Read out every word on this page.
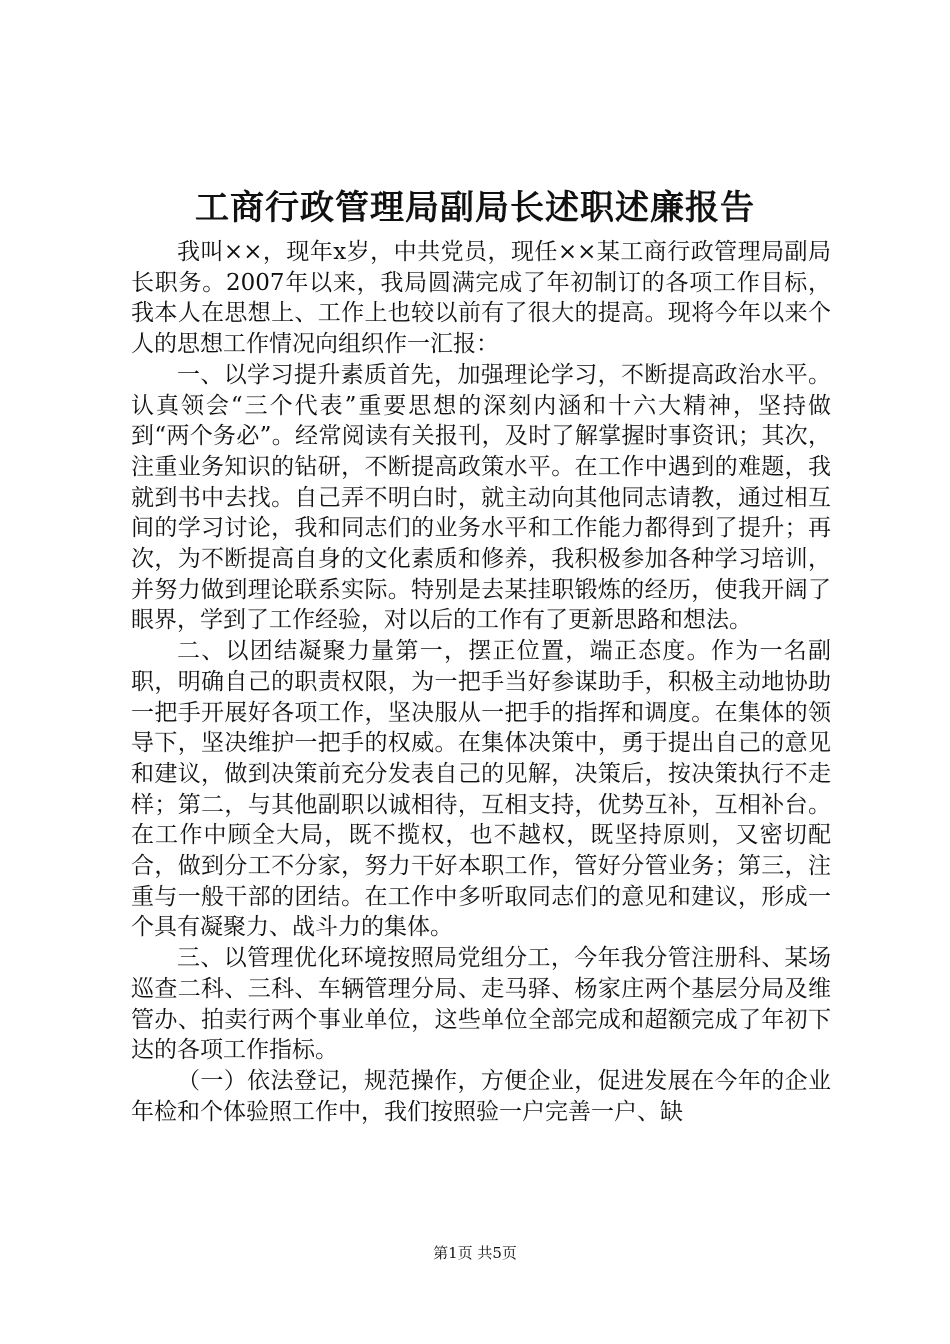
工商行政管理局副局长述职述廉报告

我叫××，现年x岁，中共党员，现任××某工商行政管理局副局长职务。2007年以来，我局圆满完成了年初制订的各项工作目标，我本人在思想上、工作上也较以前有了很大的提高。现将今年以来个人的思想工作情况向组织作一汇报：

一、以学习提升素质首先，加强理论学习，不断提高政治水平。认真领会“三个代表”重要思想的深刻内涵和十六大精神，坚持做到“两个务必”。经常阅读有关报刊，及时了解掌握时事资讯；其次，注重业务知识的钻研，不断提高政策水平。在工作中遇到的难题，我就到书中去找。自己弄不明白时，就主动向其他同志请教，通过相互间的学习讨论，我和同志们的业务水平和工作能力都得到了提升；再次，为不断提高自身的文化素质和修养，我积极参加各种学习培训，并努力做到理论联系实际。特别是去某挂职锻炼的经历，使我开阔了眼界，学到了工作经验，对以后的工作有了更新思路和想法。

二、以团结凝聚力量第一，摆正位置，端正态度。作为一名副职，明确自己的职责权限，为一把手当好参谋助手，积极主动地协助一把手开展好各项工作，坚决服从一把手的指挥和调度。在集体的领导下，坚决维护一把手的权威。在集体决策中，勇于提出自己的意见和建议，做到决策前充分发表自己的见解，决策后，按决策执行不走样；第二，与其他副职以诚相待，互相支持，优势互补，互相补台。在工作中顾全大局，既不揽权，也不越权，既坚持原则，又密切配合，做到分工不分家，努力干好本职工作，管好分管业务；第三，注重与一般干部的团结。在工作中多听取同志们的意见和建议，形成一个具有凝聚力、战斗力的集体。

三、以管理优化环境按照局党组分工，今年我分管注册科、某场巡查二科、三科、车辆管理分局、走马驿、杨家庄两个基层分局及维管办、拍卖行两个事业单位，这些单位全部完成和超额完成了年初下达的各项工作指标。

（一）依法登记，规范操作，方便企业，促进发展在今年的企业年检和个体验照工作中，我们按照验一户完善一户、缺

第1页 共5页
